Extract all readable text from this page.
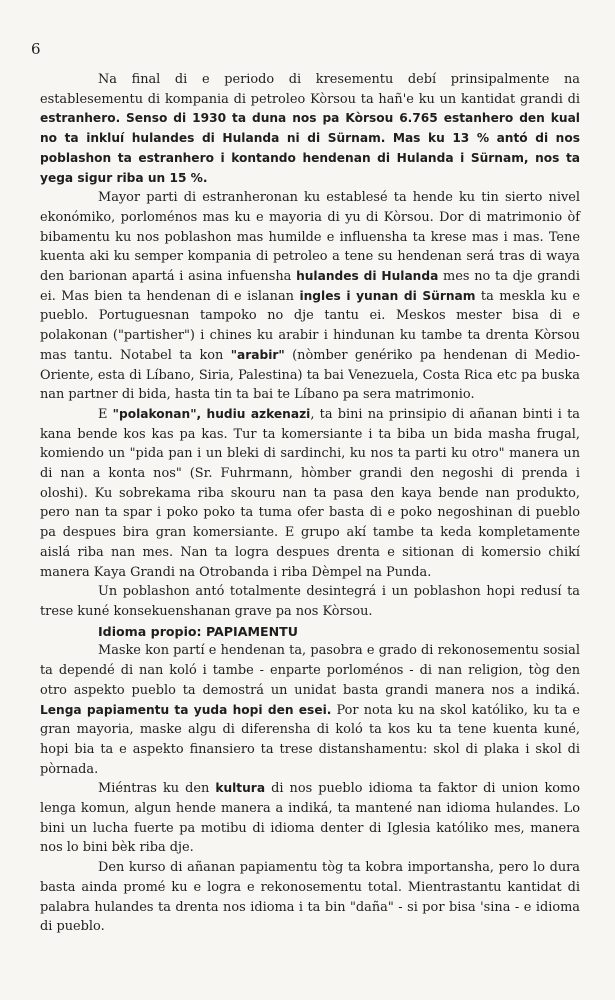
6

Na final di e periodo di kresementu debí prinsipalmente na establesementu di kompania di petroleo Kòrsou ta hañ'e ku un kantidat grandi di estranhero. Senso di 1930 ta duna nos pa Kòrsou 6.765 estanhero den kual no ta inkluí hulandes di Hulanda ni di Sürnam. Mas ku 13 % antó di nos poblashon ta estranhero i kontando hendenan di Hulanda i Sürnam, nos ta yega sigur riba un 15 %.

Mayor parti di estranheronan ku establesé ta hende ku tin sierto nivel ekonómiko, porloménos mas ku e mayoria di yu di Kòrsou. Dor di matrimonio òf bibamentu ku nos poblashon mas humilde e influensha ta krese mas i mas. Tene kuenta aki ku semper kompania di petroleo a tene su hendenan será tras di waya den barionan apartá i asina infuensha hulandes di Hulanda mes no ta dje grandi ei. Mas bien ta hendenan di e islanan ingles i yunan di Sürnam ta meskla ku e pueblo. Portuguesnan tampoko no dje tantu ei. Meskos mester bisa di e polakonan ("partisher") i chines ku arabir i hindunan ku tambe ta drenta Kòrsou mas tantu. Notabel ta kon "arabir" (nòmber genériko pa hendenan di Medio-Oriente, esta di Líbano, Siria, Palestina) ta bai Venezuela, Costa Rica etc pa buska nan partner di bida, hasta tin ta bai te Líbano pa sera matrimonio.

E "polakonan", hudiu azkenazi, ta bini na prinsipio di añanan binti i ta kana bende kos kas pa kas. Tur ta komersiante i ta biba un bida masha frugal, komiendo un "pida pan i un bleki di sardinchi, ku nos ta parti ku otro" manera un di nan a konta nos" (Sr. Fuhrmann, hòmber grandi den negoshi di prenda i oloshi). Ku sobrekama riba skouru nan ta pasa den kaya bende nan produkto, pero nan ta spar i poko poko ta tuma ofer basta di e poko negoshinan di pueblo pa despues bira gran komersiante. E grupo akí tambe ta keda kompletamente aislá riba nan mes. Nan ta logra despues drenta e sitionan di komersio chikí manera Kaya Grandi na Otrobanda i riba Dèmpel na Punda.

Un poblashon antó totalmente desintegrá i un poblashon hopi redusí ta trese kuné konsekuenshanan grave pa nos Kòrsou.

Idioma propio: PAPIAMENTU

Maske kon partí e hendenan ta, pasobra e grado di rekonosementu sosial ta dependé di nan koló i tambe - enparte porloménos - di nan religion, tòg den otro aspekto pueblo ta demostrá un unidat basta grandi manera nos a indiká. Lenga papiamentu ta yuda hopi den esei. Por nota ku na skol katóliko, ku ta e gran mayoria, maske algu di diferensha di koló ta kos ku ta tene kuenta kuné, hopi bia ta e aspekto finansiero ta trese distanshamentu: skol di plaka i skol di pòrnada.

Miéntras ku den kultura di nos pueblo idioma ta faktor di union komo lenga komun, algun hende manera a indiká, ta mantené nan idioma hulandes. Lo bini un lucha fuerte pa motibu di idioma denter di Iglesia katóliko mes, manera nos lo bini bèk riba dje.

Den kurso di añanan papiamentu tòg ta kobra importansha, pero lo dura basta ainda promé ku e logra e rekonosementu total. Mientrastantu kantidat di palabra hulandes ta drenta nos idioma i ta bin "daña" - si por bisa 'sina - e idioma di pueblo.
